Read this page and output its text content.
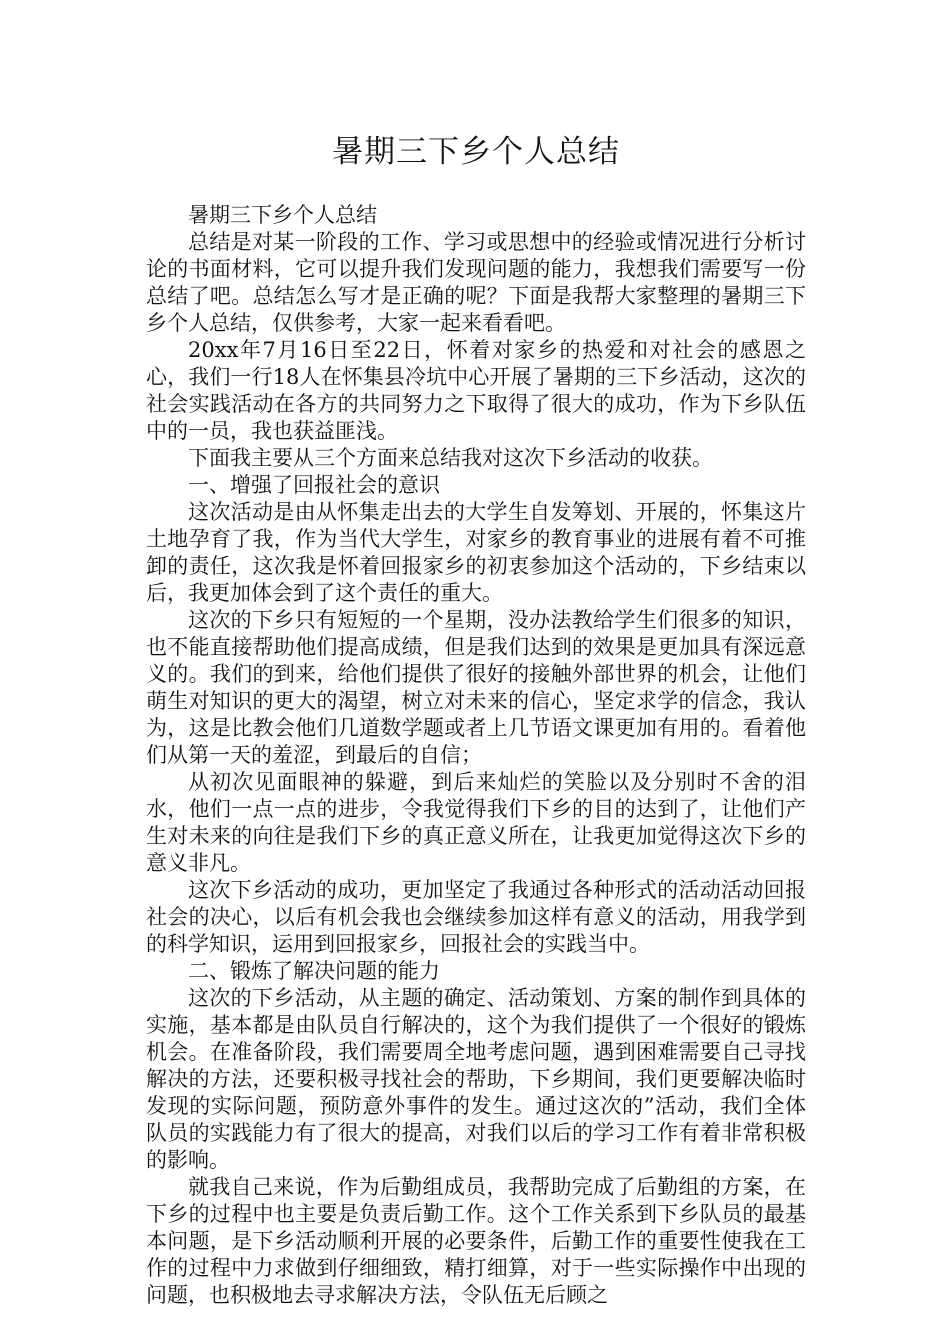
暑期三下乡个人总结

暑期三下乡个人总结

总结是对某一阶段的工作、学习或思想中的经验或情况进行分析讨论的书面材料，它可以提升我们发现问题的能力，我想我们需要写一份总结了吧。总结怎么写才是正确的呢？下面是我帮大家整理的暑期三下乡个人总结，仅供参考，大家一起来看看吧。

20xx年7月16日至22日，怀着对家乡的热爱和对社会的感恩之心，我们一行18人在怀集县冷坑中心开展了暑期的三下乡活动，这次的社会实践活动在各方的共同努力之下取得了很大的成功，作为下乡队伍中的一员，我也获益匪浅。

下面我主要从三个方面来总结我对这次下乡活动的收获。

一、增强了回报社会的意识

这次活动是由从怀集走出去的大学生自发筹划、开展的，怀集这片土地孕育了我，作为当代大学生，对家乡的教育事业的进展有着不可推卸的责任，这次我是怀着回报家乡的初衷参加这个活动的，下乡结束以后，我更加体会到了这个责任的重大。

这次的下乡只有短短的一个星期，没办法教给学生们很多的知识，也不能直接帮助他们提高成绩，但是我们达到的效果是更加具有深远意义的。我们的到来，给他们提供了很好的接触外部世界的机会，让他们萌生对知识的更大的渴望，树立对未来的信心，坚定求学的信念，我认为，这是比教会他们几道数学题或者上几节语文课更加有用的。看着他们从第一天的羞涩，到最后的自信；

从初次见面眼神的躲避，到后来灿烂的笑脸以及分别时不舍的泪水，他们一点一点的进步，令我觉得我们下乡的目的达到了，让他们产生对未来的向往是我们下乡的真正意义所在，让我更加觉得这次下乡的意义非凡。

这次下乡活动的成功，更加坚定了我通过各种形式的活动活动回报社会的决心，以后有机会我也会继续参加这样有意义的活动，用我学到的科学知识，运用到回报家乡，回报社会的实践当中。

二、锻炼了解决问题的能力

这次的下乡活动，从主题的确定、活动策划、方案的制作到具体的实施，基本都是由队员自行解决的，这个为我们提供了一个很好的锻炼机会。在准备阶段，我们需要周全地考虑问题，遇到困难需要自己寻找解决的方法，还要积极寻找社会的帮助，下乡期间，我们更要解决临时发现的实际问题，预防意外事件的发生。通过这次的”活动，我们全体队员的实践能力有了很大的提高，对我们以后的学习工作有着非常积极的影响。

就我自己来说，作为后勤组成员，我帮助完成了后勤组的方案，在下乡的过程中也主要是负责后勤工作。这个工作关系到下乡队员的最基本问题，是下乡活动顺利开展的必要条件，后勤工作的重要性使我在工作的过程中力求做到仔细细致，精打细算，对于一些实际操作中出现的问题，也积极地去寻求解决方法，令队伍无后顾之
